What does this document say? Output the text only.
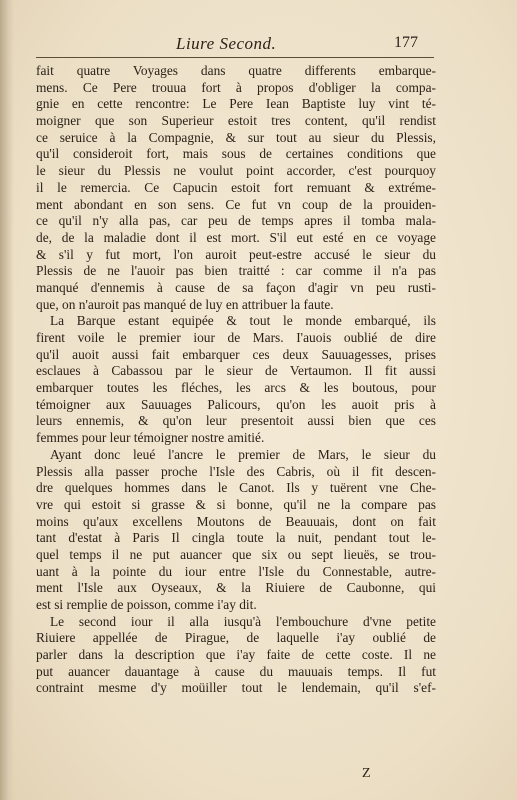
Liure Second.	177
fait quatre Voyages dans quatre differents embarque-
mens. Ce Pere trouua fort à propos d'obliger la compa-
gnie en cette rencontre: Le Pere Iean Baptiste luy vint té-
moigner que son Superieur estoit tres content, qu'il rendist
ce seruice à la Compagnie, & sur tout au sieur du Plessis,
qu'il consideroit fort, mais sous de certaines conditions que
le sieur du Plessis ne voulut point accorder, c'est pourquoy
il le remercia. Ce Capucin estoit fort remuant & extréme-
ment abondant en son sens. Ce fut vn coup de la prouiden-
ce qu'il n'y alla pas, car peu de temps apres il tomba mala-
de, de la maladie dont il est mort. S'il eut esté en ce voyage
& s'il y fut mort, l'on auroit peut-estre accusé le sieur du
Plessis de ne l'auoir pas bien traitté : car comme il n'a pas
manqué d'ennemis à cause de sa façon d'agir vn peu rusti-
que, on n'auroit pas manqué de luy en attribuer la faute.
La Barque estant equipée & tout le monde embarqué, ils
firent voile le premier iour de Mars. I'auois oublié de dire
qu'il auoit aussi fait embarquer ces deux Sauuagesses, prises
esclaues à Cabassou par le sieur de Vertaumon. Il fit aussi
embarquer toutes les fléches, les arcs & les boutous, pour
témoigner aux Sauuages Palicours, qu'on les auoit pris à
leurs ennemis, & qu'on leur presentoit aussi bien que ces
femmes pour leur témoigner nostre amitié.
Ayant donc leué l'ancre le premier de Mars, le sieur du
Plessis alla passer proche l'Isle des Cabris, où il fit descen-
dre quelques hommes dans le Canot. Ils y tuërent vne Che-
vre qui estoit si grasse & si bonne, qu'il ne la compare pas
moins qu'aux excellens Moutons de Beauuais, dont on fait
tant d'estat à Paris Il cingla toute la nuit, pendant tout le-
quel temps il ne put auancer que six ou sept lieuës, se trou-
uant à la pointe du iour entre l'Isle du Connestable, autre-
ment l'Isle aux Oyseaux, & la Riuiere de Caubonne, qui
est si remplie de poisson, comme i'ay dit.
Le second iour il alla iusqu'à l'embouchure d'vne petite
Riuiere appellée de Pirague, de laquelle i'ay oublié de
parler dans la description que i'ay faite de cette coste. Il ne
put auancer dauantage à cause du mauuais temps. Il fut
contraint mesme d'y moüiller tout le lendemain, qu'il s'ef-
Z
